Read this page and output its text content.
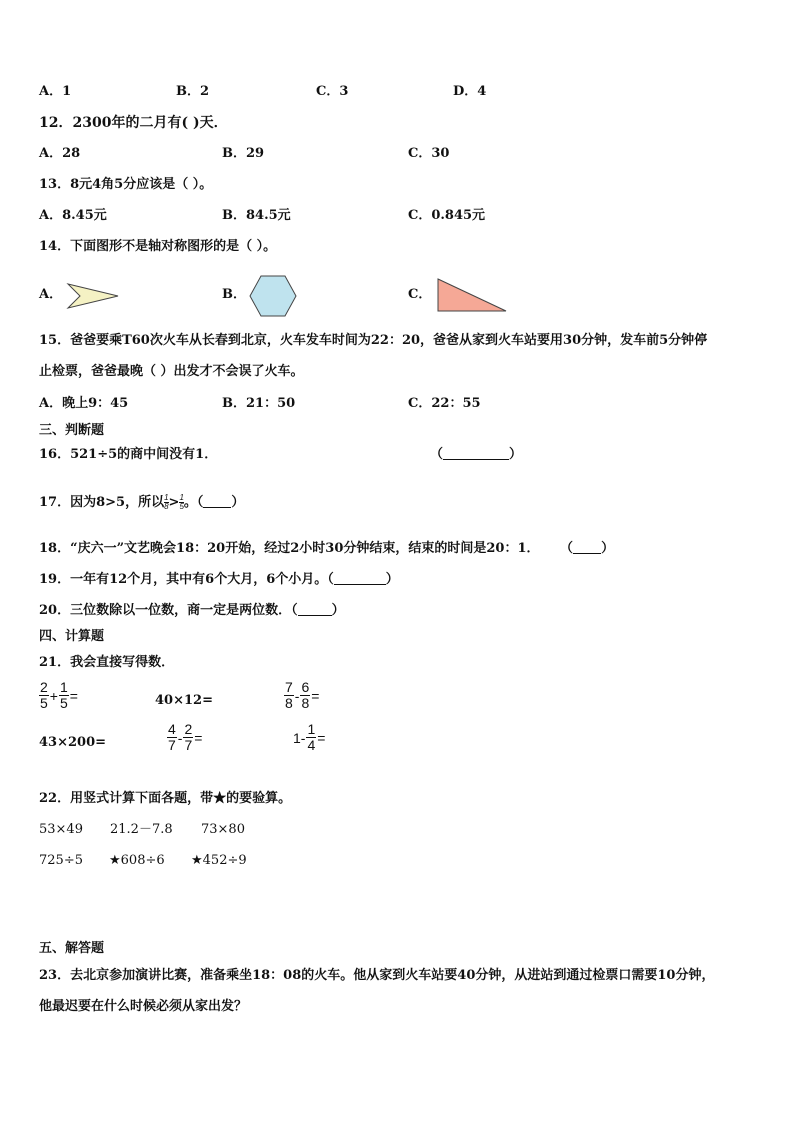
A．1	B．2	C．3	D．4
12．2300年的二月有( )天．
A．28	B．29	C．30
13．8元4角5分应该是（ ）。
A．8.45元	B．84.5元	C．0.845元
14．下面图形不是轴对称图形的是（ ）。
A．	B．	C．
15．爸爸要乘T60次火车从长春到北京，火车发车时间为22：20，爸爸从家到火车站要用30分钟，发车前5分钟停
止检票，爸爸最晚（ ）出发才不会误了火车。
A．晚上9：45	B．21：50	C．22：55
三、判断题
16．521÷5的商中间没有1．	（	）
17．因为8>5，所以 $\frac{1}{8} > \frac{1}{5}$ 。（ ）
18．“庆六一”文艺晚会18：20开始，经过2小时30分钟结束，结束的时间是20：1． （ ）
19．一年有12个月，其中有6个大月，6个小月。（	）
20．三位数除以一位数，商一定是两位数．（	）
四、计算题
21．我会直接写得数．
$\frac{2}{5} + \frac{1}{5}$ =	40×12=	$\frac{7}{8} - \frac{6}{8}$ =
43×200=	$\frac{4}{7} - \frac{2}{7}$ =	$1- \frac{1}{4}$ =
22．用竖式计算下面各题，带★的要验算。
53×49 21.2－7.8 73×80
725÷5 ★608÷6 ★452÷9
五、解答题
23．去北京参加演讲比赛，准备乘坐18：08的火车。他从家到火车站要40分钟，从进站到通过检票口需要10分钟，
他最迟要在什么时候必须从家出发？
